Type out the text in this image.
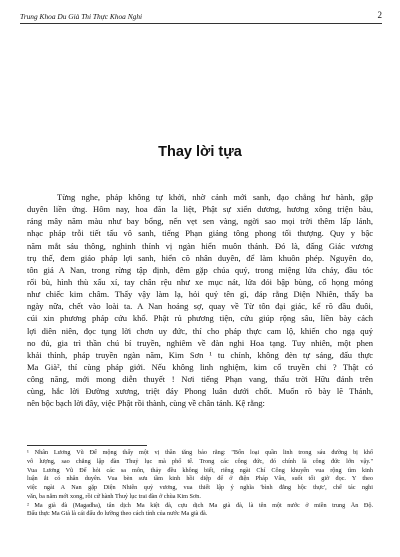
Trung Khoa Du Già Thi Thực Khoa Nghi	2
Thay lời tựa
Từng nghe, pháp không tự khởi, nhờ cảnh mới sanh, đạo chẳng hư hành, gặp
duyên liền ứng. Hôm nay, hoa đăn la liệt, Phật sự xiển dương, hương xông triện bàu,
rảng mây năm màu như bay bổng, nến vẹt sen vàng, ngời sao mọi trời thêm lấp lánh,
nhạc pháp trỗi tiết tấu vô sanh, tiếng Phạn giảng tông phong tối thượng. Quy y bậc
năm mắt sáu thông, nghinh thỉnh vị ngàn hiển muôn thánh. Đó là, đấng Giác vương
trụ thế, đem giáo pháp lợi sanh, hiển cõ nhân duyên, để làm khuôn phép. Nguyên do,
tôn giả A Nan, trong rừng tập định, đêm gặp chúa quỷ, trong miệng lửa chảy, đầu tóc
rối bù, hình thù xấu xí, tay chân rệu như xe mục nát, lửa đói bập bùng, cổ họng mỏng
như chiếc kim châm. Thấy vậy làm lạ, hỏi quỷ tên gì, đáp rằng Diện Nhiên, thấy ba
ngày nữa, chết vào loài ta. A Nan hoảng sợ, quay về Từ tôn đại giác, kể rõ đầu đuôi,
cúi xin phương pháp cứu khổ. Phật rủ phương tiện, cứu giúp rộng sâu, liền bày cách
lợi diên niên, đọc tụng lời chơn uy đức, thí cho pháp thực cam lộ, khiến cho ngạ quỷ
no đủ, gia trì thần chú bí truyền, nghiêm về đàn nghi Hoa tạng. Tuy nhiên, một phen
khải thỉnh, pháp truyền ngàn năm, Kim Sơn ¹ tu chỉnh, không đèn tự sáng, đấu thực
Ma Già², thí cùng pháp giới. Nếu không linh nghiệm, kim cổ truyền chi ? Thật có
công năng, mới mong diễn thuyết ! Nơi tiếng Phạn vang, thấu trời Hữu đảnh trên
cùng, hắc lời Đường xương, triệt đáy Phong luân dưới chốt. Muốn rõ bày lẽ Thánh,
nên bộc bạch lời đây, việc Phật rồi thành, cùng về chân tánh. Kệ rằng:
¹ Nhân Lương Vũ Đế mộng thấy một vị thần tăng bảo rằng: "Bốn loại quần linh trong sáu đường bị khổ
vô lượng, sao chẳng lập đàn Thuỷ lục mà phổ tế. Trong các công đức, đó chính là công đức lớn vậy."
Vua Lương Vũ Đế hỏi các sa môn, thảy đều không biết, riêng ngài Chí Công khuyến vua rộng tìm kinh
luận ắt có nhân duyên. Vua bèn sưu tầm kinh hồi diệp để ở điện Pháp Vân, suốt tối giờ đọc. Y theo
việc ngài A Nan gặp Diện Nhiên quỷ vương, vua thiết lập ý nghĩa 'bình đẳng hộc thực', chế tác nghi
văn, ba năm mới xong, rồi cử hành Thuỷ lục trai đàn ở chùa Kim Sơn.
² Ma già đà (Magadha), tân dịch Ma kiệt đà, cựu dịch Ma già đà, là tên một nước ở miền trung Ấn Độ.
Đấu thực Ma Già là cái đấu đo lường theo cách tính của nước Ma già đà.
